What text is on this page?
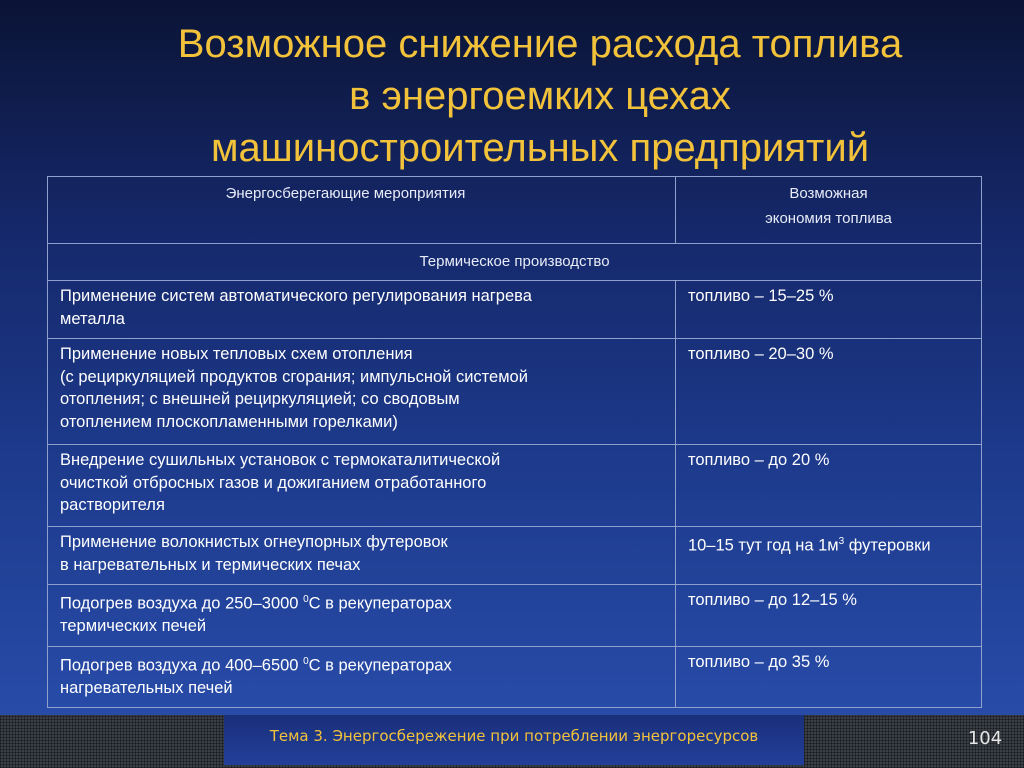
Возможное снижение расхода топлива
в энергоемких цехах
машиностроительных предприятий
Энергосберегающие мероприятия	Возможная
экономия топлива

Термическое производство	

Применение систем автоматического регулирования нагрева
металла	топливо – 15–25 %

Применение новых тепловых схем отопления
(с рециркуляцией продуктов сгорания; импульсной системой
отопления; с внешней рециркуляцией; со сводовым
отоплением плоскопламенными горелками)	топливо – 20–30 %

Внедрение сушильных установок с термокаталитической
очисткой отбросных газов и дожиганием отработанного
растворителя	топливо – до 20 %

Применение волокнистых огнеупорных футеровок
в нагревательных и термических печах	10–15 тут год на $1м^3$ футеровки

Подогрев воздуха до 250–3000 $^0$С в рекуператорах
термических печей	топливо – до 12–15 %

Подогрев воздуха до 400–6500 $^0$С в рекуператорах
нагревательных печей	топливо – до 35 %
Тема 3. Энергосбережение при потреблении энергоресурсов	104
